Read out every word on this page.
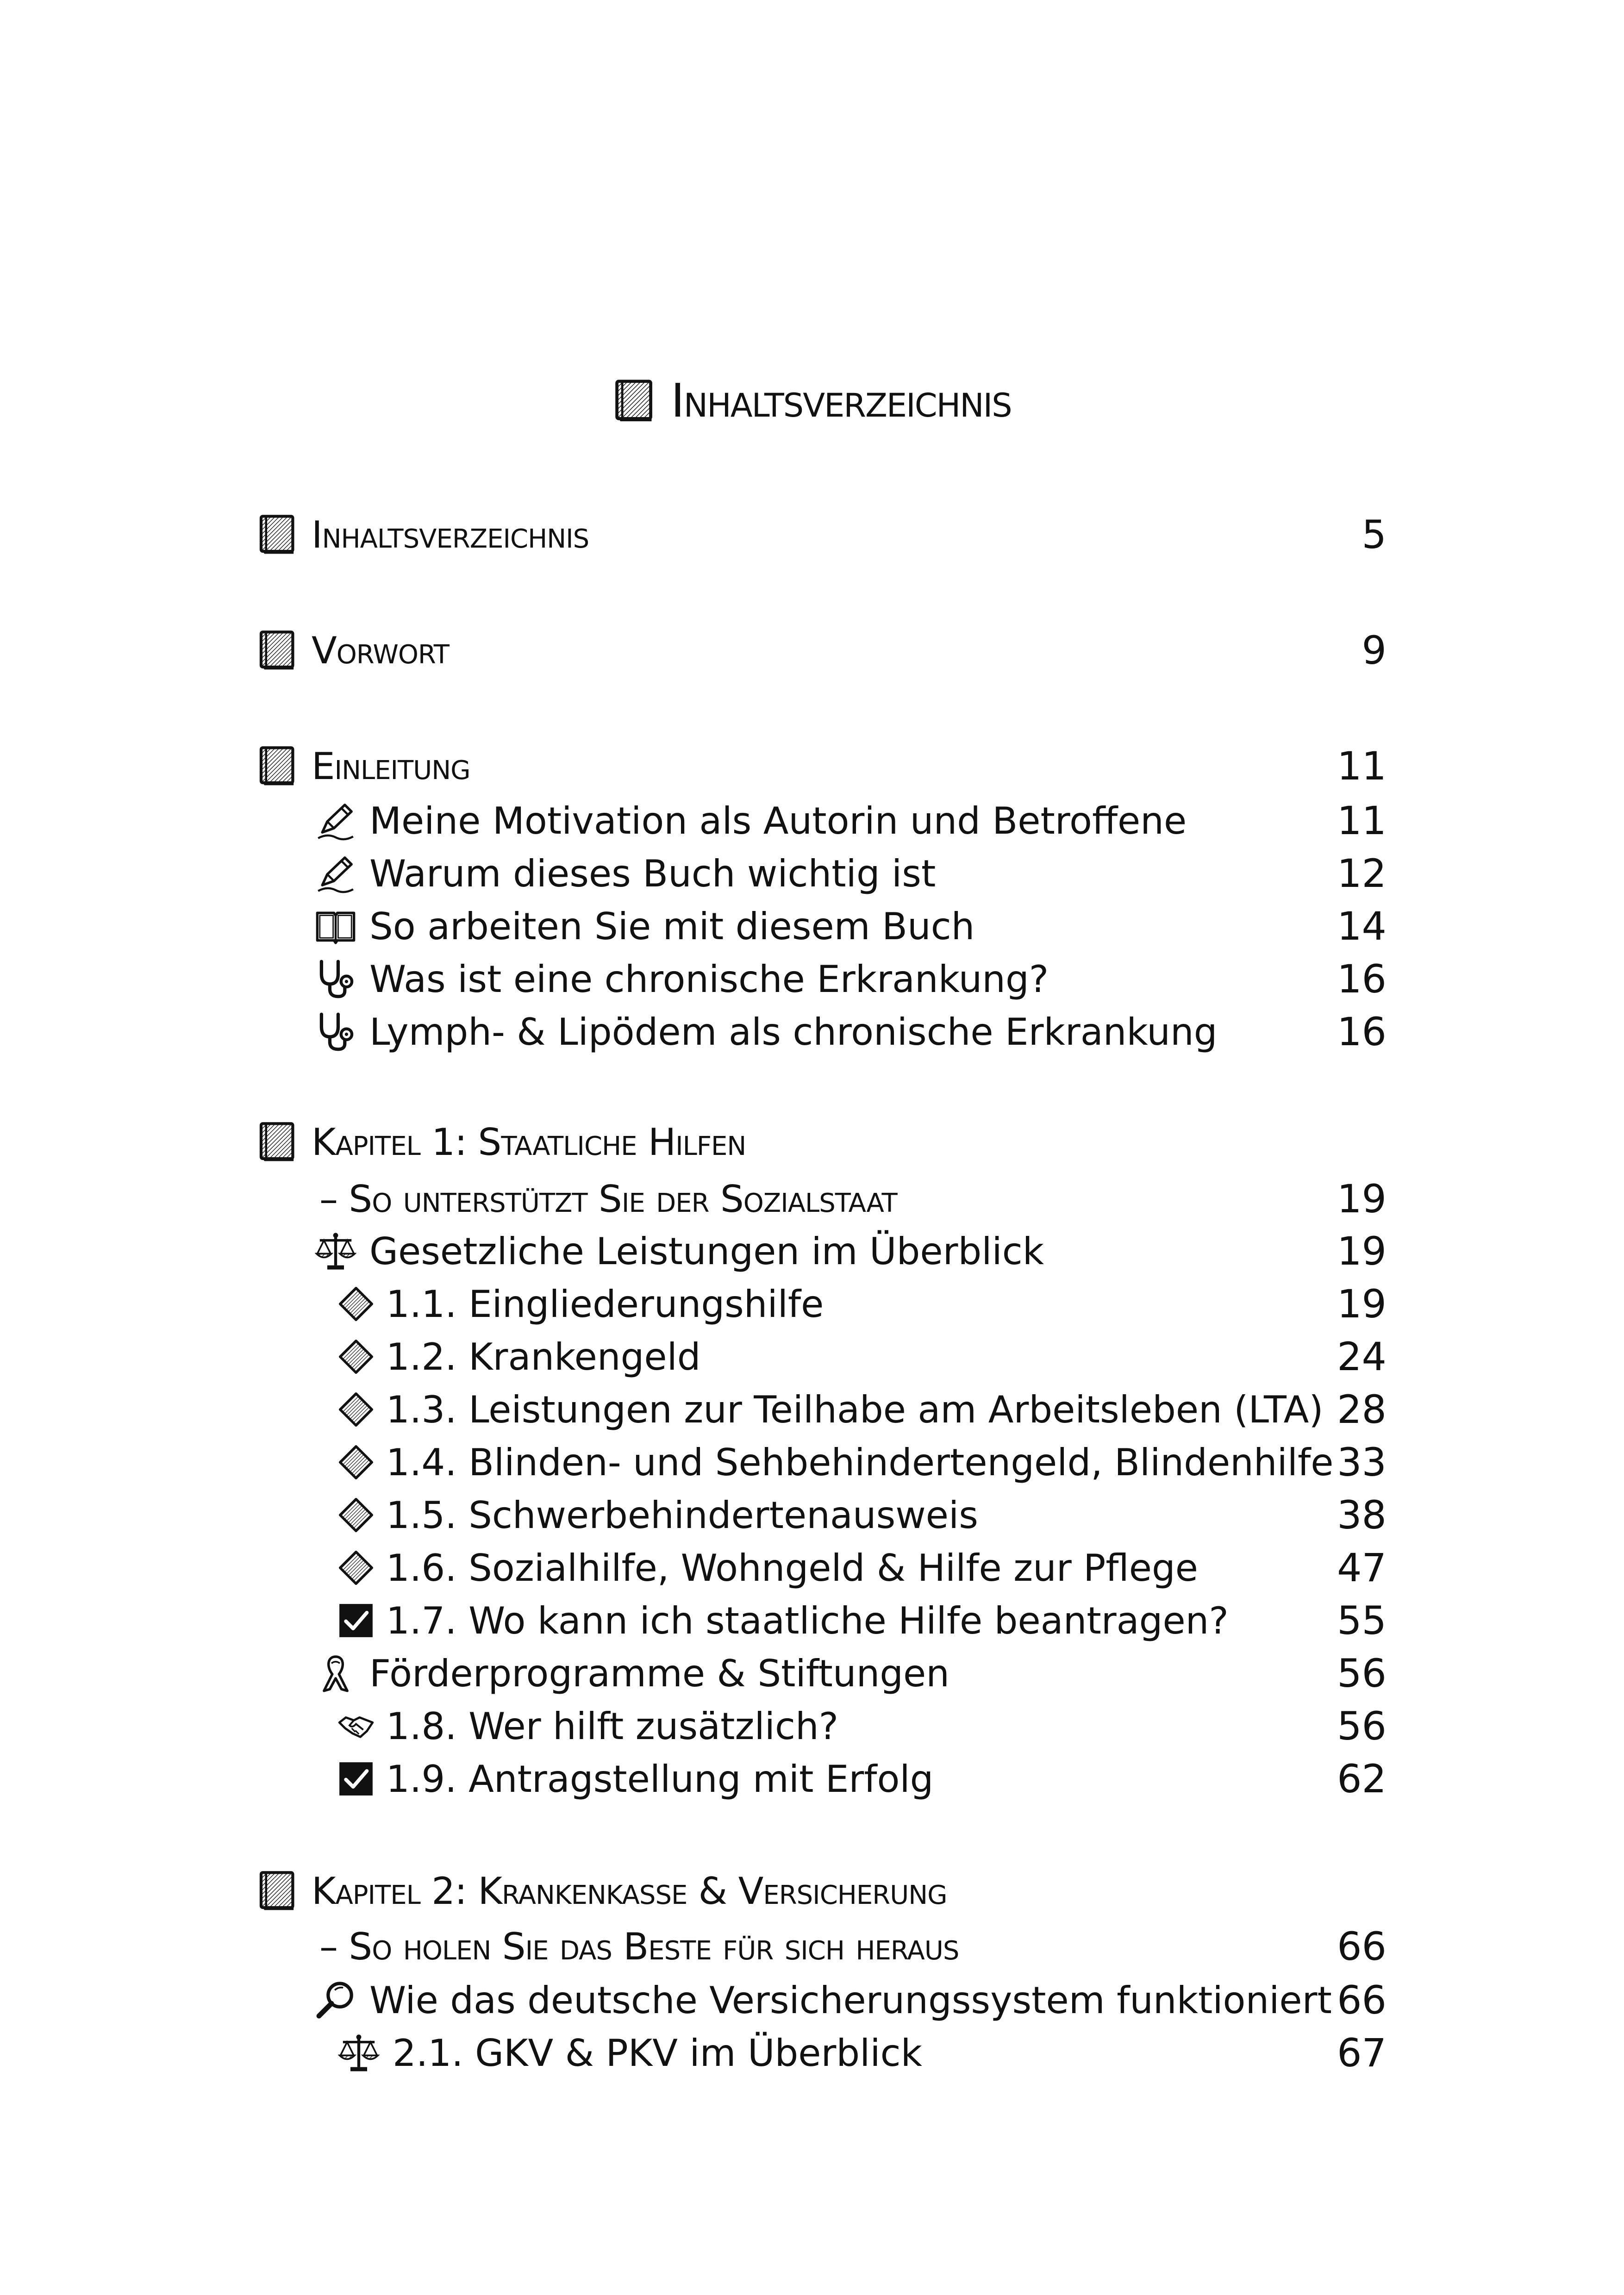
Inhaltsverzeichnis
Inhaltsverzeichnis	5
Vorwort	9
Einleitung	11
Meine Motivation als Autorin und Betroffene	11
Warum dieses Buch wichtig ist	12
So arbeiten Sie mit diesem Buch	14
Was ist eine chronische Erkrankung?	16
Lymph- & Lipödem als chronische Erkrankung	16
Kapitel 1: Staatliche Hilfen
– So unterstützt Sie der Sozialstaat	19
Gesetzliche Leistungen im Überblick	19
1.1. Eingliederungshilfe	19
1.2. Krankengeld	24
1.3. Leistungen zur Teilhabe am Arbeitsleben (LTA) 28
1.4. Blinden- und Sehbehindertengeld, Blindenhilfe 33
1.5. Schwerbehindertenausweis	38
1.6. Sozialhilfe, Wohngeld & Hilfe zur Pflege	47
1.7. Wo kann ich staatliche Hilfe beantragen?	55
Förderprogramme & Stiftungen	56
1.8. Wer hilft zusätzlich?	56
1.9. Antragstellung mit Erfolg	62
Kapitel 2: Krankenkasse & Versicherung
– So holen Sie das Beste für sich heraus	66
Wie das deutsche Versicherungssystem funktioniert 66
2.1. GKV & PKV im Überblick	67
